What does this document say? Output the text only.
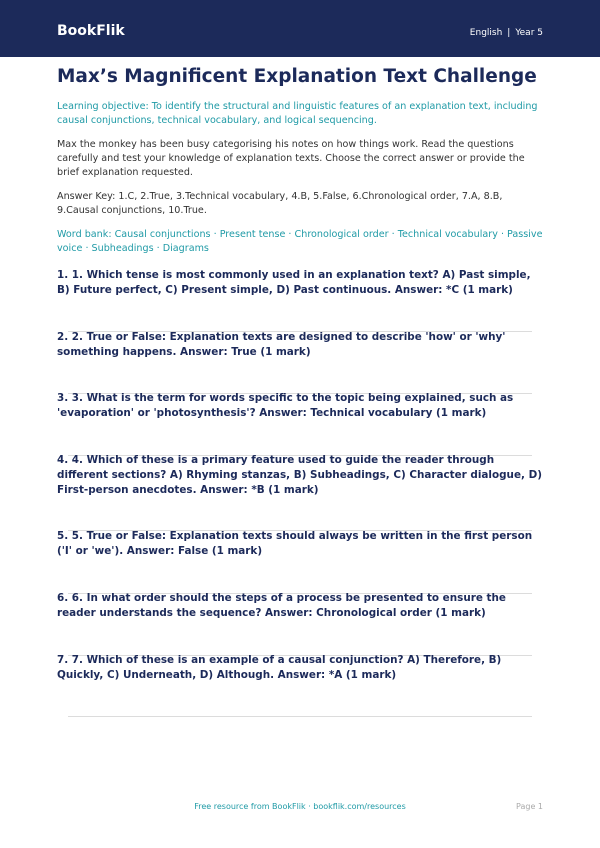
BookFlik	English | Year 5
Max’s Magnificent Explanation Text Challenge
Learning objective: To identify the structural and linguistic features of an explanation text, including causal conjunctions, technical vocabulary, and logical sequencing.
Max the monkey has been busy categorising his notes on how things work. Read the questions carefully and test your knowledge of explanation texts. Choose the correct answer or provide the brief explanation requested.
Answer Key: 1.C, 2.True, 3.Technical vocabulary, 4.B, 5.False, 6.Chronological order, 7.A, 8.B, 9.Causal conjunctions, 10.True.
Word bank: Causal conjunctions · Present tense · Chronological order · Technical vocabulary · Passive voice · Subheadings · Diagrams
1. 1. Which tense is most commonly used in an explanation text? A) Past simple, B) Future perfect, C) Present simple, D) Past continuous. Answer: *C (1 mark)
2. 2. True or False: Explanation texts are designed to describe 'how' or 'why' something happens. Answer: True (1 mark)
3. 3. What is the term for words specific to the topic being explained, such as 'evaporation' or 'photosynthesis'? Answer: Technical vocabulary (1 mark)
4. 4. Which of these is a primary feature used to guide the reader through different sections? A) Rhyming stanzas, B) Subheadings, C) Character dialogue, D) First-person anecdotes. Answer: *B (1 mark)
5. 5. True or False: Explanation texts should always be written in the first person ('I' or 'we'). Answer: False (1 mark)
6. 6. In what order should the steps of a process be presented to ensure the reader understands the sequence? Answer: Chronological order (1 mark)
7. 7. Which of these is an example of a causal conjunction? A) Therefore, B) Quickly, C) Underneath, D) Although. Answer: *A (1 mark)
Free resource from BookFlik · bookflik.com/resources	Page 1
